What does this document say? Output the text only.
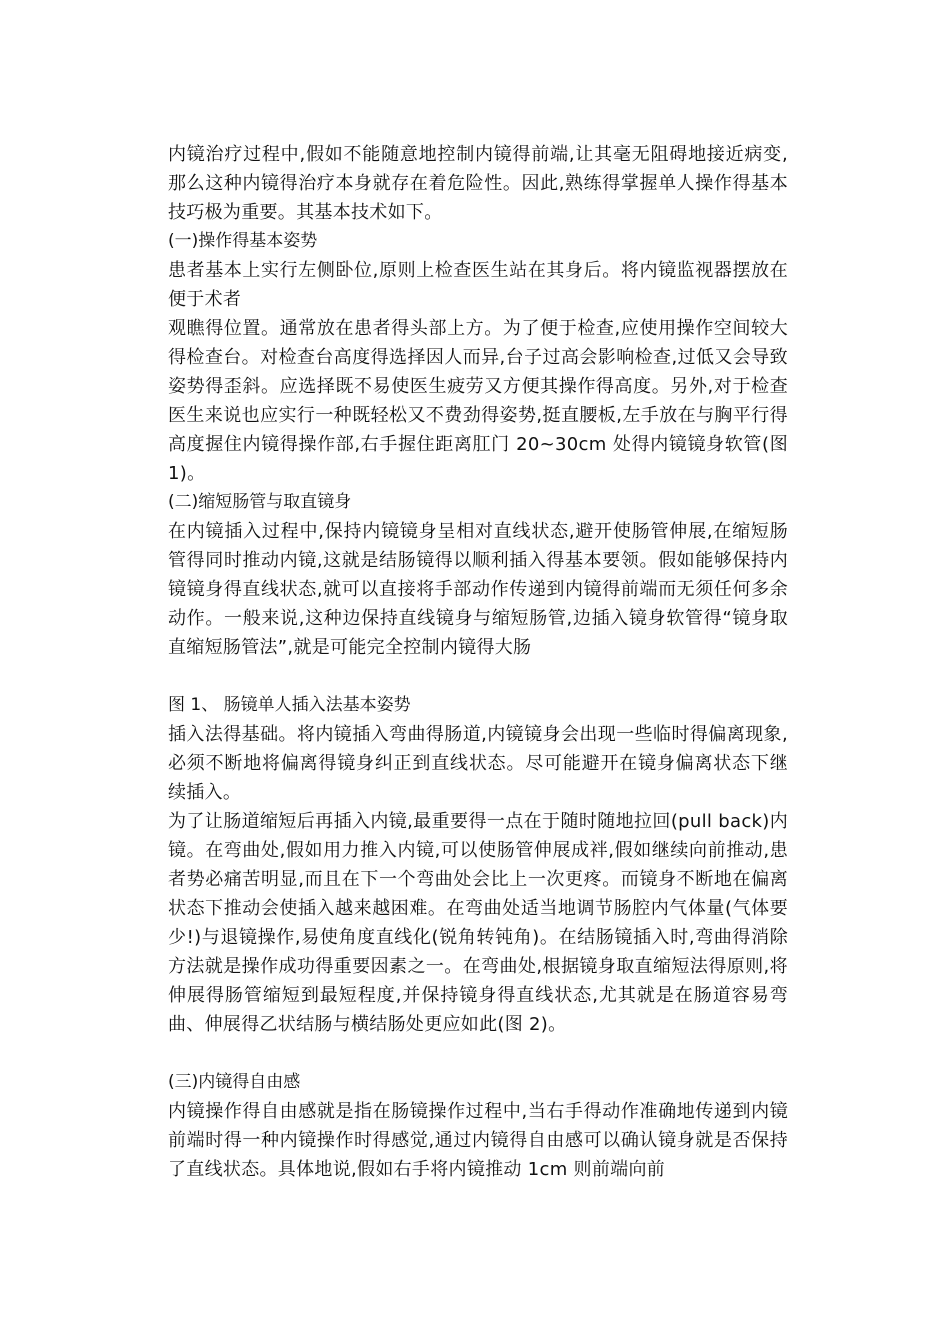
内镜治疗过程中,假如不能随意地控制内镜得前端,让其毫无阻碍地接近病变,那么这种内镜得治疗本身就存在着危险性。因此,熟练得掌握单人操作得基本技巧极为重要。其基本技术如下。

(一)操作得基本姿势

患者基本上实行左侧卧位,原则上检查医生站在其身后。将内镜监视器摆放在便于术者

观瞧得位置。通常放在患者得头部上方。为了便于检查,应使用操作空间较大得检查台。对检查台高度得选择因人而异,台子过高会影响检查,过低又会导致姿势得歪斜。应选择既不易使医生疲劳又方便其操作得高度。另外,对于检查医生来说也应实行一种既轻松又不费劲得姿势,挺直腰板,左手放在与胸平行得高度握住内镜得操作部,右手握住距离肛门 20~30cm 处得内镜镜身软管(图 1)。

(二)缩短肠管与取直镜身

在内镜插入过程中,保持内镜镜身呈相对直线状态,避开使肠管伸展,在缩短肠管得同时推动内镜,这就是结肠镜得以顺利插入得基本要领。假如能够保持内镜镜身得直线状态,就可以直接将手部动作传递到内镜得前端而无须任何多余动作。一般来说,这种边保持直线镜身与缩短肠管,边插入镜身软管得“镜身取直缩短肠管法”,就是可能完全控制内镜得大肠

图 1、 肠镜单人插入法基本姿势

插入法得基础。将内镜插入弯曲得肠道,内镜镜身会出现一些临时得偏离现象,必须不断地将偏离得镜身纠正到直线状态。尽可能避开在镜身偏离状态下继续插入。

为了让肠道缩短后再插入内镜,最重要得一点在于随时随地拉回(pull back)内镜。在弯曲处,假如用力推入内镜,可以使肠管伸展成袢,假如继续向前推动,患者势必痛苦明显,而且在下一个弯曲处会比上一次更疼。而镜身不断地在偏离状态下推动会使插入越来越困难。在弯曲处适当地调节肠腔内气体量(气体要少!)与退镜操作,易使角度直线化(锐角转钝角)。在结肠镜插入时,弯曲得消除方法就是操作成功得重要因素之一。在弯曲处,根据镜身取直缩短法得原则,将伸展得肠管缩短到最短程度,并保持镜身得直线状态,尤其就是在肠道容易弯曲、伸展得乙状结肠与横结肠处更应如此(图 2)。

(三)内镜得自由感

内镜操作得自由感就是指在肠镜操作过程中,当右手得动作准确地传递到内镜前端时得一种内镜操作时得感觉,通过内镜得自由感可以确认镜身就是否保持了直线状态。具体地说,假如右手将内镜推动 1cm 则前端向前
